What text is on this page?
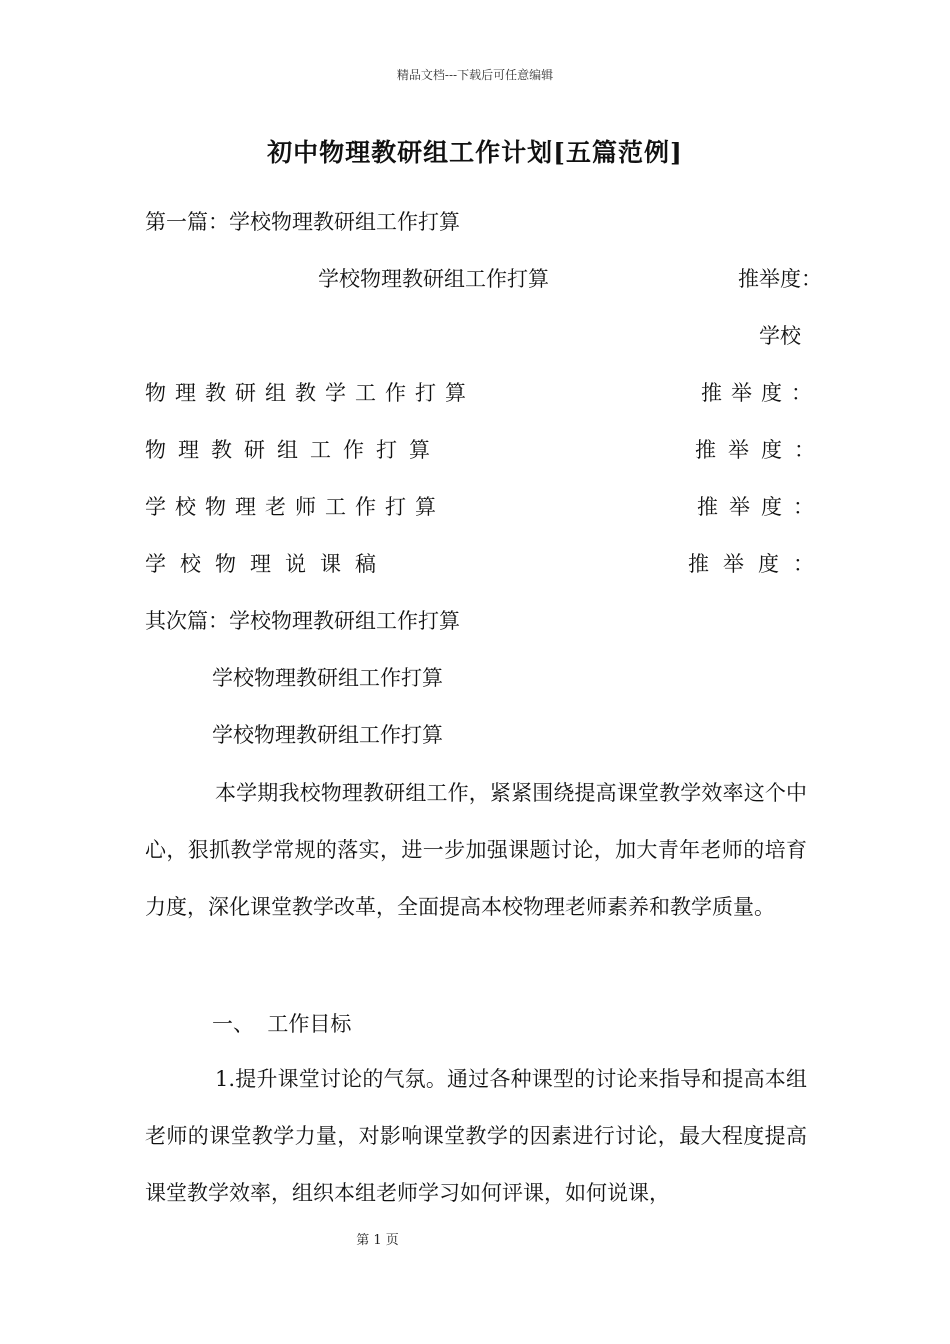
精品文档---下载后可任意编辑
初中物理教研组工作计划[五篇范例]
第一篇：学校物理教研组工作打算
学校物理教研组工作打算	推举度：
学校
物理教研组教学工作打算	推举度：
物理教研组工作打算	推举度：
学校物理老师工作打算	推举度：
学校物理说课稿	推举度：
其次篇：学校物理教研组工作打算
学校物理教研组工作打算
学校物理教研组工作打算
本学期我校物理教研组工作，紧紧围绕提高课堂教学效率这个中心，狠抓教学常规的落实，进一步加强课题讨论，加大青年老师的培育力度，深化课堂教学改革，全面提高本校物理老师素养和教学质量。
一、  工作目标
1.提升课堂讨论的气氛。通过各种课型的讨论来指导和提高本组老师的课堂教学力量，对影响课堂教学的因素进行讨论，最大程度提高课堂教学效率，组织本组老师学习如何评课，如何说课，
第 1 页
